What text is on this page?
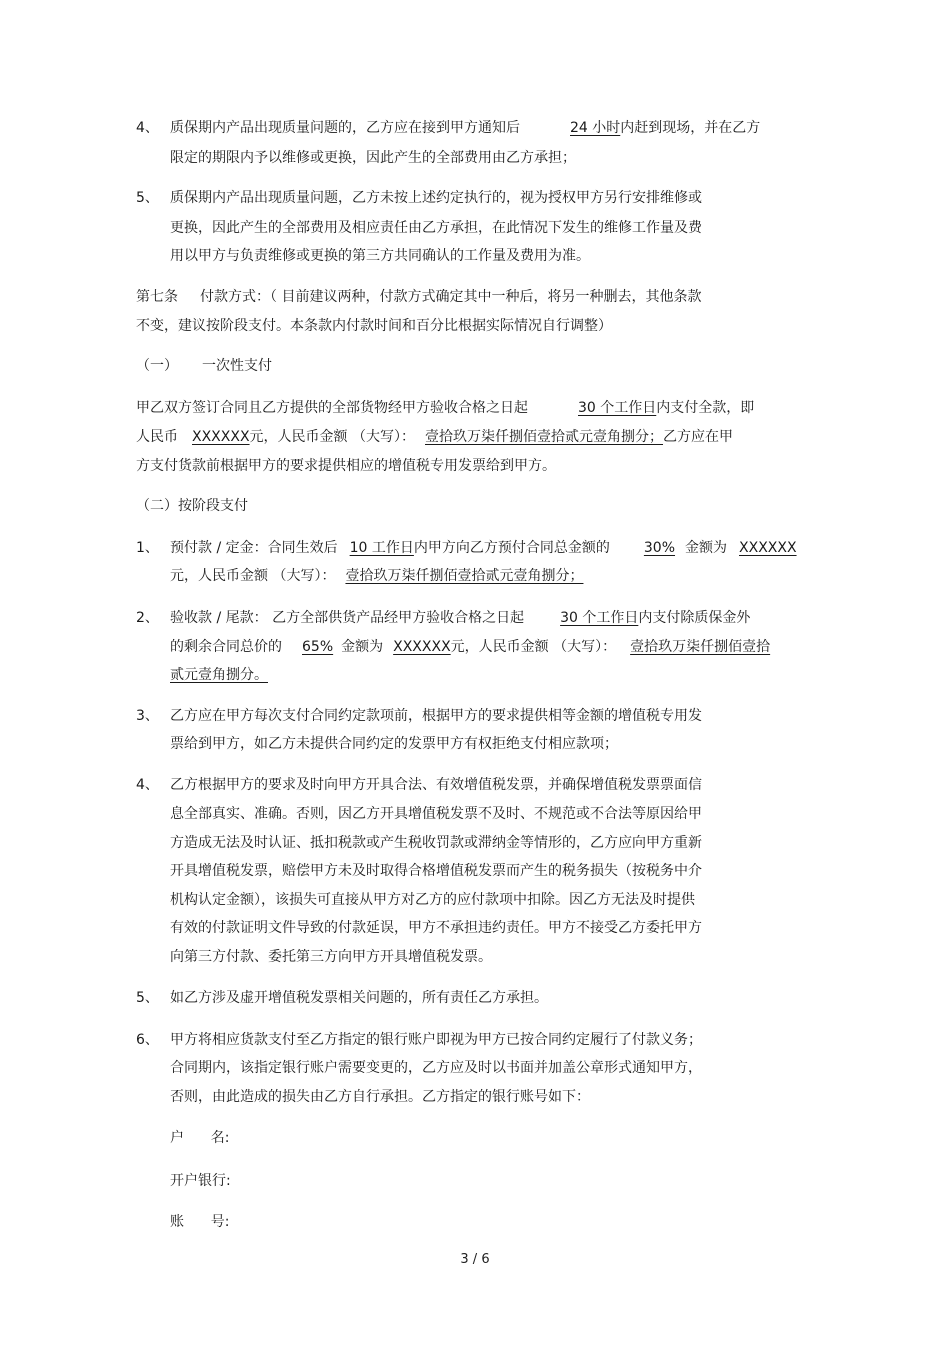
4、 质保期内产品出现质量问题的，乙方应在接到甲方通知后	24 小时内赶到现场，并在乙方
限定的期限内予以维修或更换，因此产生的全部费用由乙方承担；
5、 质保期内产品出现质量问题，乙方未按上述约定执行的，视为授权甲方另行安排维修或
更换，因此产生的全部费用及相应责任由乙方承担，在此情况下发生的维修工作量及费
用以甲方与负责维修或更换的第三方共同确认的工作量及费用为准。
第七条 付款方式：（ 目前建议两种，付款方式确定其中一种后，将另一种删去，其他条款
不变，建议按阶段支付。本条款内付款时间和百分比根据实际情况自行调整）
（一） 一次性支付
甲乙双方签订合同且乙方提供的全部货物经甲方验收合格之日起	30 个工作日内支付全款，即
人民币 XXXXXX元，人民币金额 （大写）： 壹拾玖万柒仟捌佰壹拾贰元壹角捌分；乙方应在甲
方支付货款前根据甲方的要求提供相应的增值税专用发票给到甲方。
（二）按阶段支付
1、 预付款 / 定金：合同生效后 10 工作日内甲方向乙方预付合同总金额的 30% 金额为 XXXXXX
元，人民币金额 （大写）： 壹拾玖万柒仟捌佰壹拾贰元壹角捌分；
2、 验收款 / 尾款： 乙方全部供货产品经甲方验收合格之日起	30 个工作日内支付除质保金外
的剩余合同总价的 65% 金额为 XXXXXX元，人民币金额 （大写）： 壹拾玖万柒仟捌佰壹拾
贰元壹角捌分。
3、 乙方应在甲方每次支付合同约定款项前，根据甲方的要求提供相等金额的增值税专用发
票给到甲方，如乙方未提供合同约定的发票甲方有权拒绝支付相应款项；
4、 乙方根据甲方的要求及时向甲方开具合法、有效增值税发票，并确保增值税发票票面信
息全部真实、准确。否则，因乙方开具增值税发票不及时、不规范或不合法等原因给甲
方造成无法及时认证、抵扣税款或产生税收罚款或滞纳金等情形的，乙方应向甲方重新
开具增值税发票，赔偿甲方未及时取得合格增值税发票而产生的税务损失（按税务中介
机构认定金额），该损失可直接从甲方对乙方的应付款项中扣除。因乙方无法及时提供
有效的付款证明文件导致的付款延误，甲方不承担违约责任。甲方不接受乙方委托甲方
向第三方付款、委托第三方向甲方开具增值税发票。
5、 如乙方涉及虚开增值税发票相关问题的，所有责任乙方承担。
6、 甲方将相应货款支付至乙方指定的银行账户即视为甲方已按合同约定履行了付款义务；
合同期内，该指定银行账户需要变更的，乙方应及时以书面并加盖公章形式通知甲方，
否则，由此造成的损失由乙方自行承担。乙方指定的银行账号如下：
户      名:
开户银行:
账      号:
3 / 6
